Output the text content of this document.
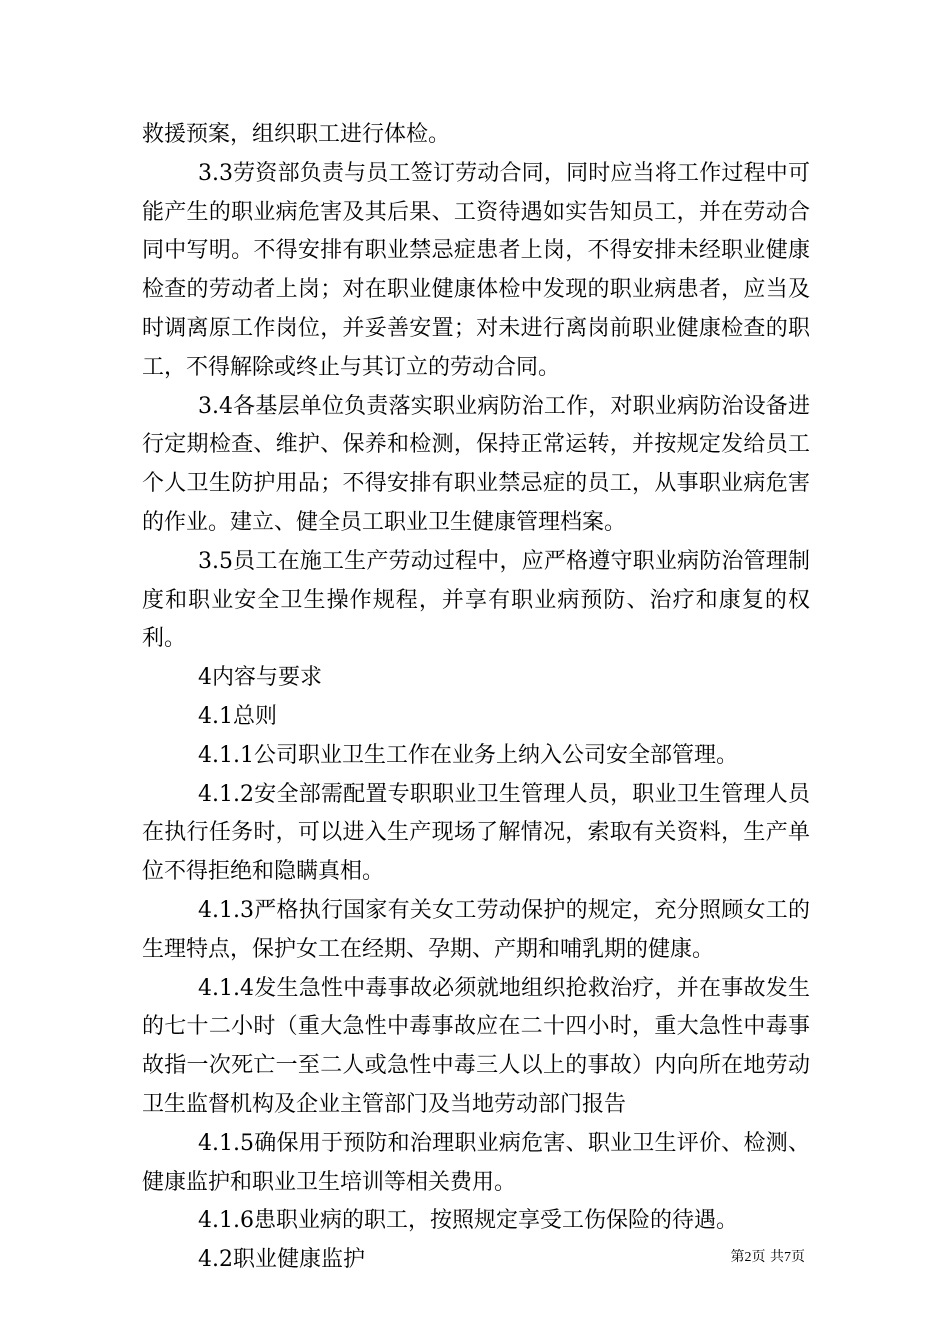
救援预案，组织职工进行体检。

3.3劳资部负责与员工签订劳动合同，同时应当将工作过程中可能产生的职业病危害及其后果、工资待遇如实告知员工，并在劳动合同中写明。不得安排有职业禁忌症患者上岗，不得安排未经职业健康检查的劳动者上岗；对在职业健康体检中发现的职业病患者，应当及时调离原工作岗位，并妥善安置；对未进行离岗前职业健康检查的职工，不得解除或终止与其订立的劳动合同。

3.4各基层单位负责落实职业病防治工作，对职业病防治设备进行定期检查、维护、保养和检测，保持正常运转，并按规定发给员工个人卫生防护用品；不得安排有职业禁忌症的员工，从事职业病危害的作业。建立、健全员工职业卫生健康管理档案。

3.5员工在施工生产劳动过程中，应严格遵守职业病防治管理制度和职业安全卫生操作规程，并享有职业病预防、治疗和康复的权利。

4内容与要求

4.1总则

4.1.1公司职业卫生工作在业务上纳入公司安全部管理。

4.1.2安全部需配置专职职业卫生管理人员，职业卫生管理人员在执行任务时，可以进入生产现场了解情况，索取有关资料，生产单位不得拒绝和隐瞒真相。

4.1.3严格执行国家有关女工劳动保护的规定，充分照顾女工的生理特点，保护女工在经期、孕期、产期和哺乳期的健康。

4.1.4发生急性中毒事故必须就地组织抢救治疗，并在事故发生的七十二小时（重大急性中毒事故应在二十四小时，重大急性中毒事故指一次死亡一至二人或急性中毒三人以上的事故）内向所在地劳动卫生监督机构及企业主管部门及当地劳动部门报告

4.1.5确保用于预防和治理职业病危害、职业卫生评价、检测、健康监护和职业卫生培训等相关费用。

4.1.6患职业病的职工，按照规定享受工伤保险的待遇。

4.2职业健康监护	第2页 共7页
